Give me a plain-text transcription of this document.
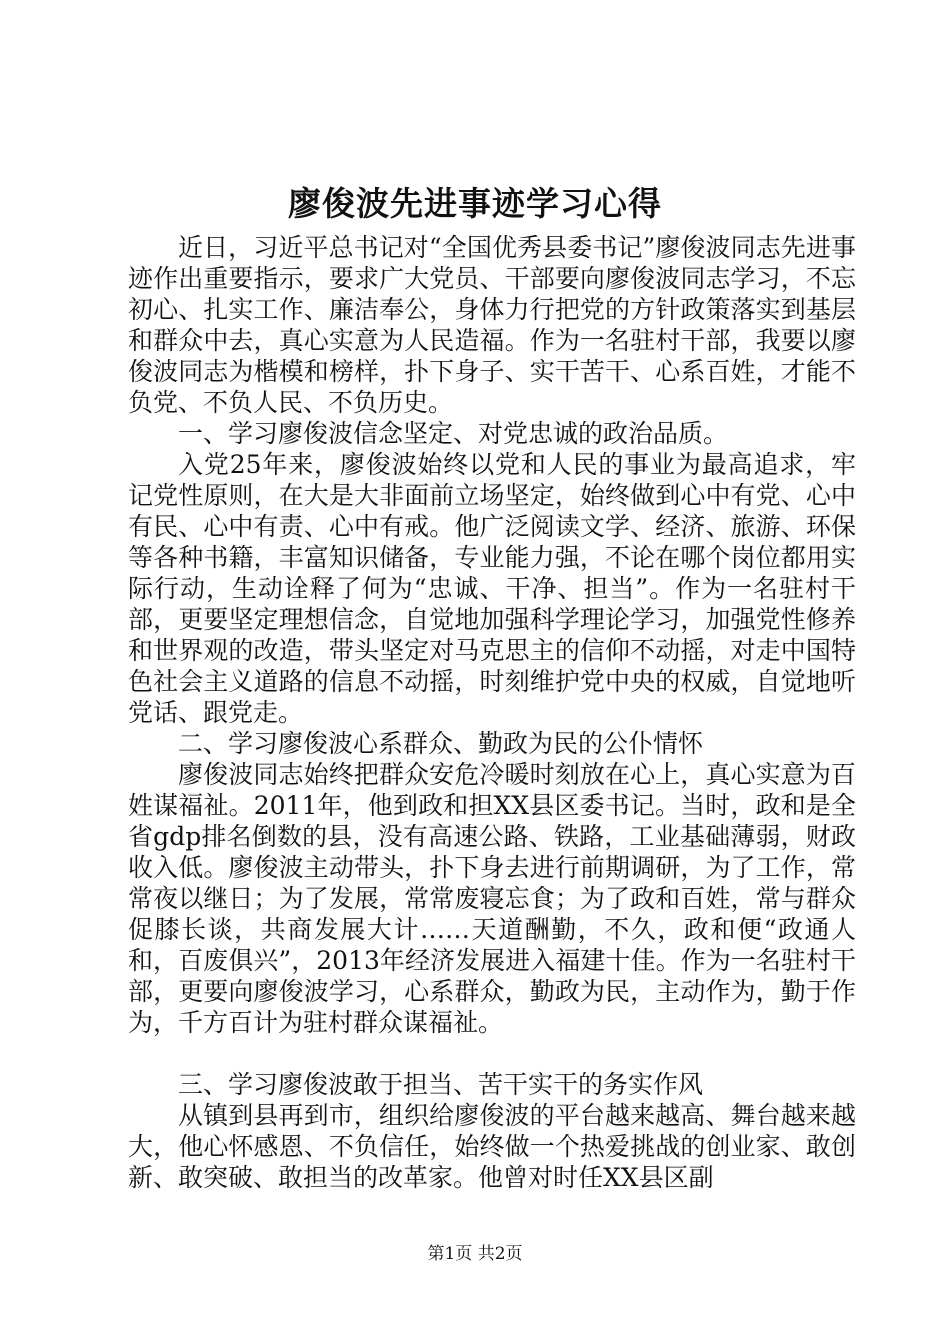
廖俊波先进事迹学习心得

近日，习近平总书记对“全国优秀县委书记”廖俊波同志先进事迹作出重要指示，要求广大党员、干部要向廖俊波同志学习，不忘初心、扎实工作、廉洁奉公，身体力行把党的方针政策落实到基层和群众中去，真心实意为人民造福。作为一名驻村干部，我要以廖俊波同志为楷模和榜样，扑下身子、实干苦干、心系百姓，才能不负党、不负人民、不负历史。

一、学习廖俊波信念坚定、对党忠诚的政治品质。

入党25年来，廖俊波始终以党和人民的事业为最高追求，牢记党性原则，在大是大非面前立场坚定，始终做到心中有党、心中有民、心中有责、心中有戒。他广泛阅读文学、经济、旅游、环保等各种书籍，丰富知识储备，专业能力强，不论在哪个岗位都用实际行动，生动诠释了何为“忠诚、干净、担当”。作为一名驻村干部，更要坚定理想信念，自觉地加强科学理论学习，加强党性修养和世界观的改造，带头坚定对马克思主的信仰不动摇，对走中国特色社会主义道路的信息不动摇，时刻维护党中央的权威，自觉地听党话、跟党走。

二、学习廖俊波心系群众、勤政为民的公仆情怀

廖俊波同志始终把群众安危冷暖时刻放在心上，真心实意为百姓谋福祉。2011年，他到政和担XX县区委书记。当时，政和是全省gdp排名倒数的县，没有高速公路、铁路，工业基础薄弱，财政收入低。廖俊波主动带头，扑下身去进行前期调研，为了工作，常常夜以继日；为了发展，常常废寝忘食；为了政和百姓，常与群众促膝长谈，共商发展大计……天道酬勤，不久，政和便“政通人和，百废俱兴”，2013年经济发展进入福建十佳。作为一名驻村干部，更要向廖俊波学习，心系群众，勤政为民，主动作为，勤于作为，千方百计为驻村群众谋福祉。

三、学习廖俊波敢于担当、苦干实干的务实作风

从镇到县再到市，组织给廖俊波的平台越来越高、舞台越来越大，他心怀感恩、不负信任，始终做一个热爱挑战的创业家、敢创新、敢突破、敢担当的改革家。他曾对时任XX县区副

第1页 共2页
